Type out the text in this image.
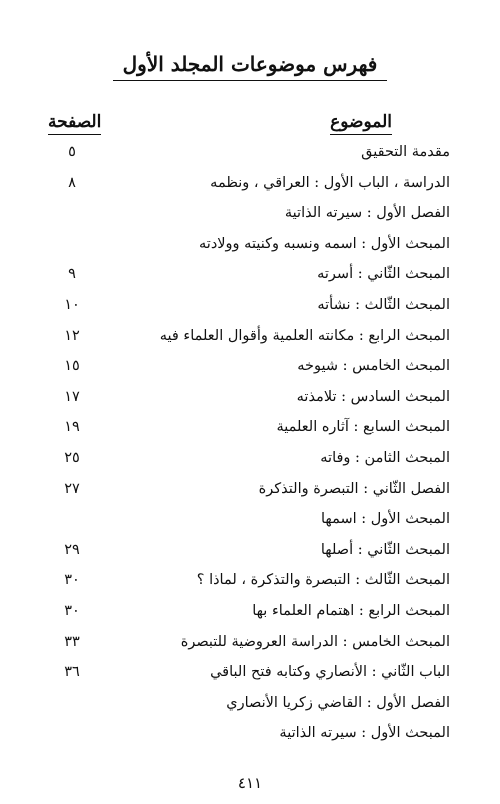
فهرس موضوعات المجلد الأول
الموضوع
الصفحة
مقدمة التحقيق
٥
الدراسة ، الباب الأول : العراقي ، ونظمه
٨
الفصل الأول : سيرته الذاتية
المبحث الأول : اسمه ونسبه وكنيته وولادته
المبحث الثّاني : أسرته
٩
المبحث الثّالث : نشأته
١٠
المبحث الرابع : مكانته العلمية وأقوال العلماء فيه
١٢
المبحث الخامس : شيوخه
١٥
المبحث السادس : تلامذته
١٧
المبحث السابع : آثاره العلمية
١٩
المبحث الثامن : وفاته
٢٥
الفصل الثّاني : التبصرة والتذكرة
٢٧
المبحث الأول : اسمها
المبحث الثّاني : أصلها
٢٩
المبحث الثّالث : التبصرة والتذكرة ، لماذا ؟
٣٠
المبحث الرابع : اهتمام العلماء بها
٣٠
المبحث الخامس : الدراسة العروضية للتبصرة
٣٣
الباب الثّاني : الأنصاري وكتابه فتح الباقي
٣٦
الفصل الأول : القاضي زكريا الأنصاري
المبحث الأول : سيرته الذاتية
٤١١
